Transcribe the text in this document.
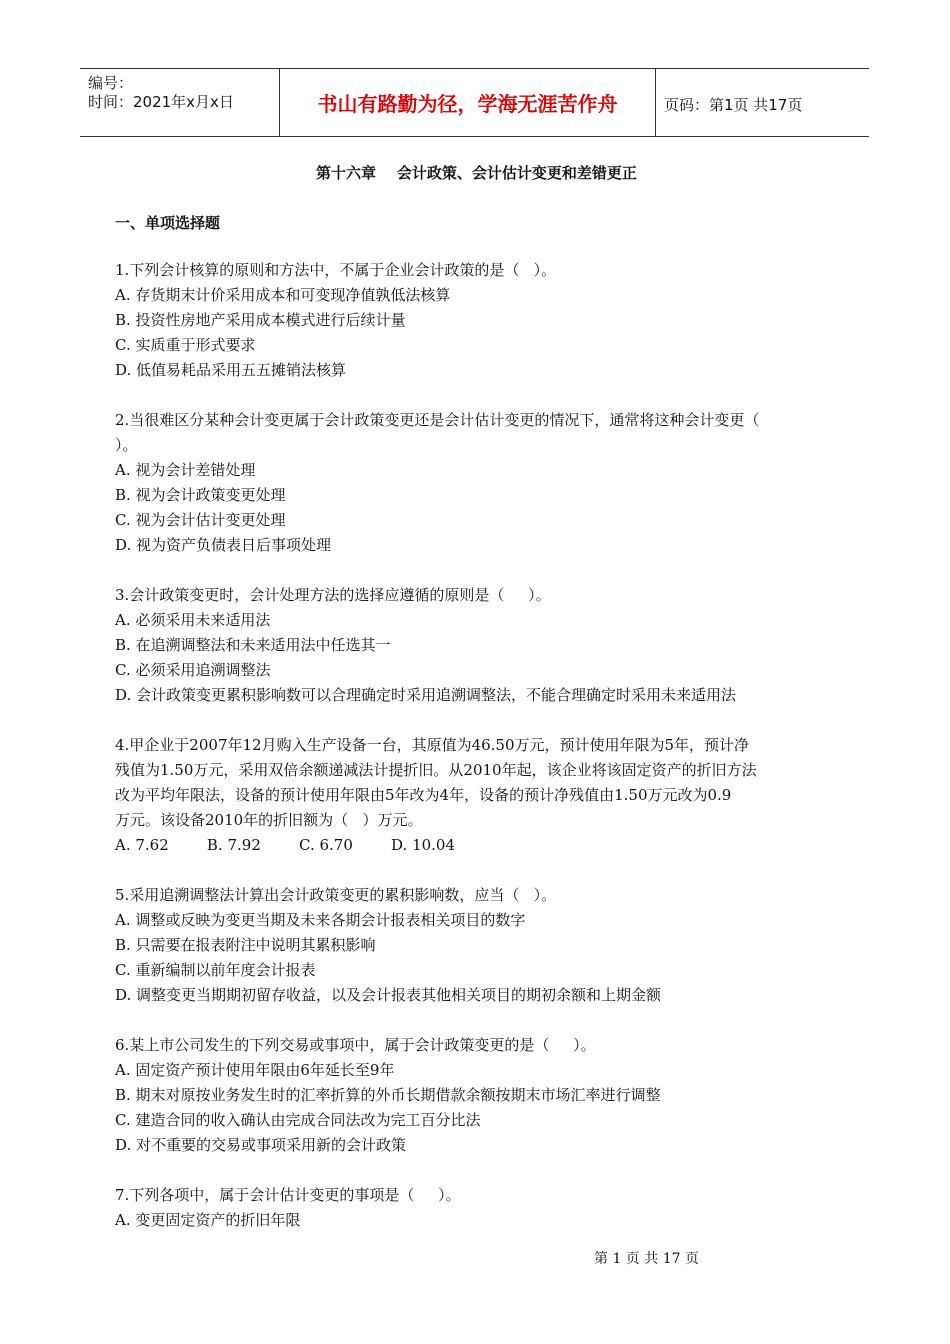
编号：
时间：2021年x月x日	书山有路勤为径，学海无涯苦作舟	页码：第1页 共17页
第十六章    会计政策、会计估计变更和差错更正
一、单项选择题
1.下列会计核算的原则和方法中，不属于企业会计政策的是（   ）。
A. 存货期末计价采用成本和可变现净值孰低法核算
B. 投资性房地产采用成本模式进行后续计量
C. 实质重于形式要求
D. 低值易耗品采用五五摊销法核算
2.当很难区分某种会计变更属于会计政策变更还是会计估计变更的情况下，通常将这种会计变更（
）。
A. 视为会计差错处理
B. 视为会计政策变更处理
C. 视为会计估计变更处理
D. 视为资产负债表日后事项处理
3.会计政策变更时，会计处理方法的选择应遵循的原则是（     ）。
A. 必须采用未来适用法
B. 在追溯调整法和未来适用法中任选其一
C. 必须采用追溯调整法
D. 会计政策变更累积影响数可以合理确定时采用追溯调整法，不能合理确定时采用未来适用法
4.甲企业于2007年12月购入生产设备一台，其原值为46.50万元，预计使用年限为5年，预计净
残值为1.50万元，采用双倍余额递减法计提折旧。从2010年起，该企业将该固定资产的折旧方法
改为平均年限法，设备的预计使用年限由5年改为4年，设备的预计净残值由1.50万元改为0.9
万元。该设备2010年的折旧额为（   ）万元。
A. 7.62        B. 7.92        C. 6.70        D. 10.04
5.采用追溯调整法计算出会计政策变更的累积影响数，应当（   ）。
A. 调整或反映为变更当期及未来各期会计报表相关项目的数字
B. 只需要在报表附注中说明其累积影响
C. 重新编制以前年度会计报表
D. 调整变更当期期初留存收益，以及会计报表其他相关项目的期初余额和上期金额
6.某上市公司发生的下列交易或事项中，属于会计政策变更的是（     ）。
A. 固定资产预计使用年限由6年延长至9年
B. 期末对原按业务发生时的汇率折算的外币长期借款余额按期末市场汇率进行调整
C. 建造合同的收入确认由完成合同法改为完工百分比法
D. 对不重要的交易或事项采用新的会计政策
7.下列各项中，属于会计估计变更的事项是（     ）。
A. 变更固定资产的折旧年限
第 1 页 共 17 页
